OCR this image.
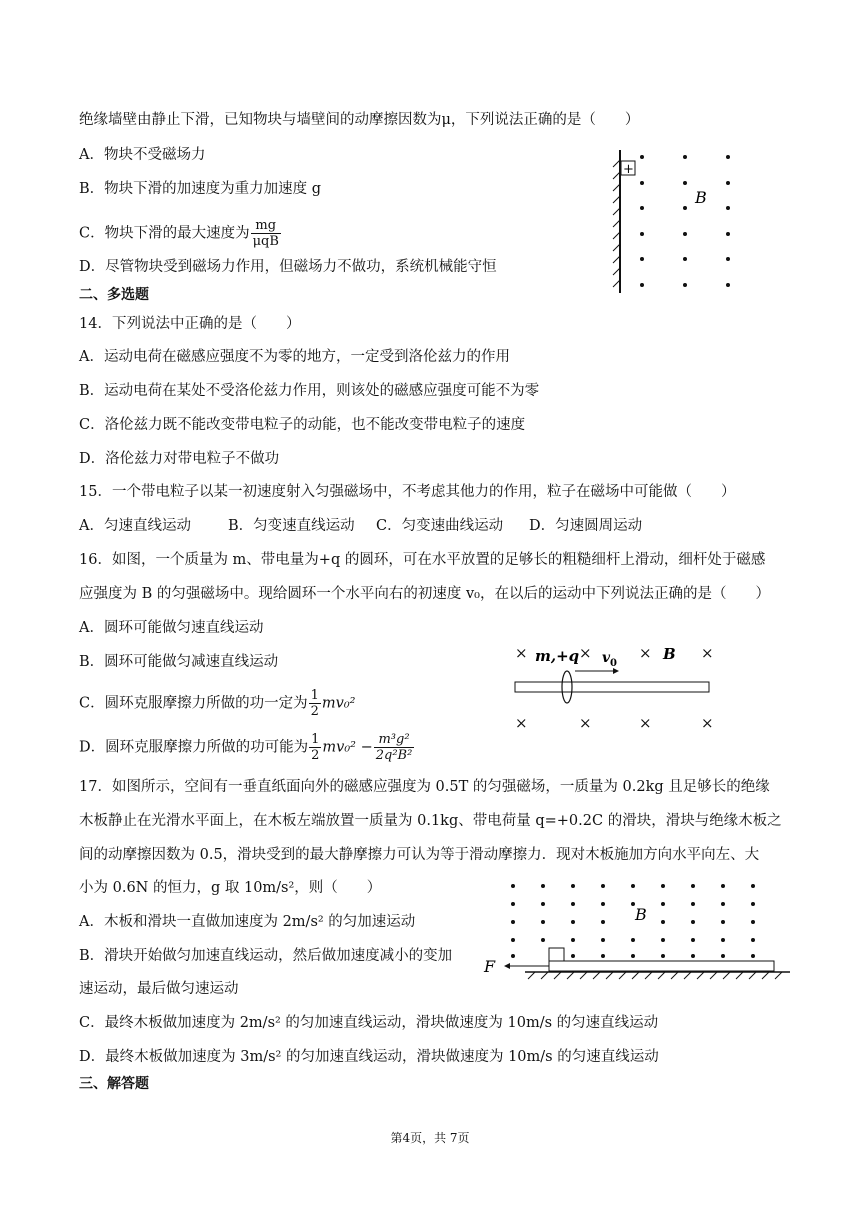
绝缘墙壁由静止下滑，已知物块与墙壁间的动摩擦因数为μ，下列说法正确的是（　　）
A．物块不受磁场力
B．物块下滑的加速度为重力加速度 g
C．物块下滑的最大速度为 $\frac{mg}{\text{μqB}}$
D．尽管物块受到磁场力作用，但磁场力不做功，系统机械能守恒
+
B
二、多选题
14．下列说法中正确的是（　　）
A．运动电荷在磁感应强度不为零的地方，一定受到洛伦兹力的作用
B．运动电荷在某处不受洛伦兹力作用，则该处的磁感应强度可能不为零
C．洛伦兹力既不能改变带电粒子的动能，也不能改变带电粒子的速度
D．洛伦兹力对带电粒子不做功
15．一个带电粒子以某一初速度射入匀强磁场中，不考虑其他力的作用，粒子在磁场中可能做（　　）
A．匀速直线运动	B．匀变速直线运动 C．匀变速曲线运动 D．匀速圆周运动
16．如图，一个质量为 m、带电量为+q 的圆环，可在水平放置的足够长的粗糙细杆上滑动，细杆处于磁感
应强度为 B 的匀强磁场中。现给圆环一个水平向右的初速度 v₀，在以后的运动中下列说法正确的是（　　）
A．圆环可能做匀速直线运动
B．圆环可能做匀减速直线运动
C．圆环克服摩擦力所做的功一定为 $\frac{1}{2} mv_0^2$
D．圆环克服摩擦力所做的功可能为 $\frac{1}{2} mv_0^2 - \frac{\text{m³g²}}{\text{2q²B²}}$
×	×	×	×
×	×	×	×
m,+q v 0
B
17．如图所示，空间有一垂直纸面向外的磁感应强度为 0.5T 的匀强磁场，一质量为 0.2kg 且足够长的绝缘
木板静止在光滑水平面上，在木板左端放置一质量为 0.1kg、带电荷量 q=+0.2C 的滑块，滑块与绝缘木板之
间的动摩擦因数为 0.5，滑块受到的最大静摩擦力可认为等于滑动摩擦力．现对木板施加方向水平向左、大
小为 0.6N 的恒力，g 取 10m/s²，则（　　）
A．木板和滑块一直做加速度为 2m/s² 的匀加速运动
B．滑块开始做匀加速直线运动，然后做加速度减小的变加
速运动，最后做匀速运动
C．最终木板做加速度为 2m/s² 的匀加速直线运动，滑块做速度为 10m/s 的匀速直线运动
D．最终木板做加速度为 3m/s² 的匀加速直线运动，滑块做速度为 10m/s 的匀速直线运动
B
F
三、解答题
第4页，共 7页
